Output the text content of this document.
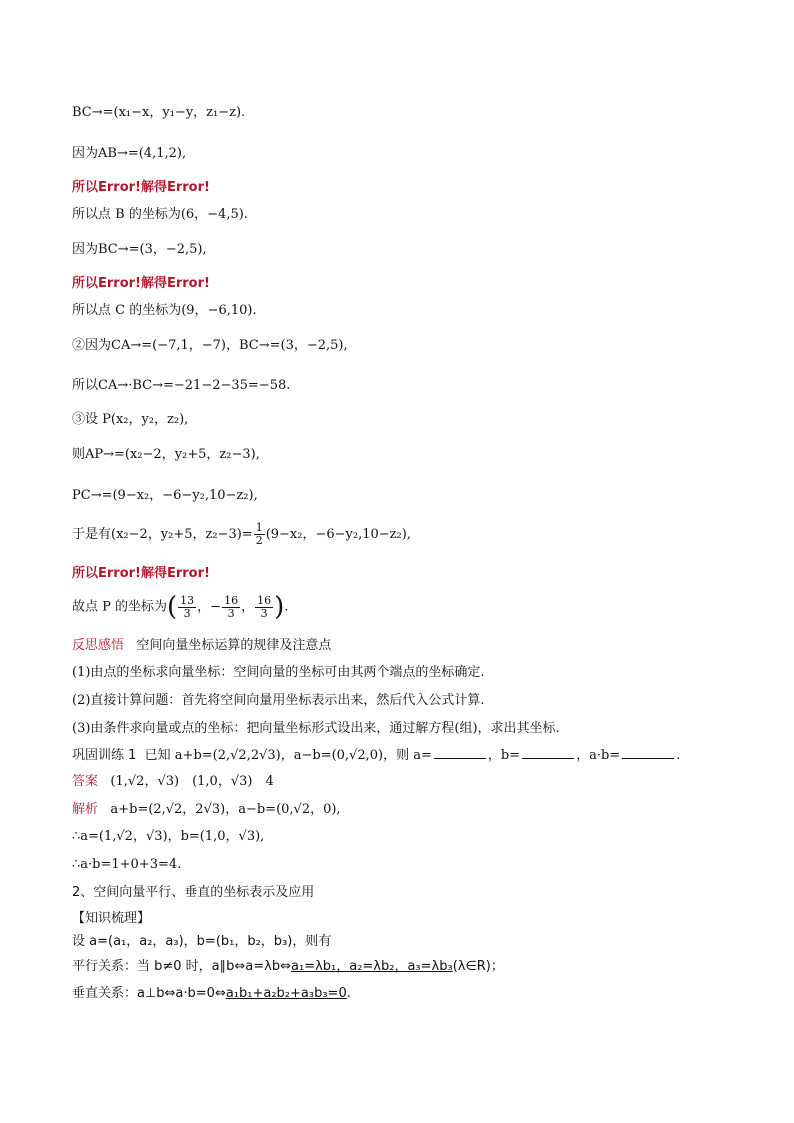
BC→=(x₁−x，y₁−y，z₁−z).
因为AB→=(4,1,2),
所以Error!解得Error!
所以点 B 的坐标为(6，−4,5).
因为BC→=(3，−2,5),
所以Error!解得Error!
所以点 C 的坐标为(9，−6,10).
②因为CA→=(−7,1，−7)，BC→=(3，−2,5),
所以CA→·BC→=−21−2−35=−58.
③设 P(x₂，y₂，z₂),
则AP→=(x₂−2，y₂+5，z₂−3),
PC→=(9−x₂，−6−y₂,10−z₂),
于是有(x₂−2，y₂+5，$z_2-3)= \frac{1}{2} (9-x_2$，−6−y₂,10−z₂),
所以Error!解得Error!
故点 P 的坐标为( $\frac{13}{3}$ ，− $\frac{16}{3}$ ， $\frac{16}{3}$ ).
反思感悟 空间向量坐标运算的规律及注意点
(1)由点的坐标求向量坐标：空间向量的坐标可由其两个端点的坐标确定.
(2)直接计算问题：首先将空间向量用坐标表示出来，然后代入公式计算.
(3)由条件求向量或点的坐标：把向量坐标形式设出来，通过解方程(组)，求出其坐标.
巩固训练 1 已知 a+b=(2,√2,2√3)，a−b=(0,√2,0)，则 a=	，b=	，a·b=	.
答案 (1,√2，√3)　(1,0，√3)　4
解析 a+b=(2,√2，2√3)，a−b=(0,√2，0),
∴a=(1,√2，√3)，b=(1,0，√3),
∴a·b=1+0+3=4.
2、空间向量平行、垂直的坐标表示及应用
【知识梳理】
设 a=(a₁，a₂，a₃)，b=(b₁，b₂，b₃)，则有
平行关系：当 b≠0 时，a∥b⇔a=λb⇔a₁=λb₁，a₂=λb₂，a₃=λb₃(λ∈R)；
垂直关系：a⊥b⇔a·b=0⇔a₁b₁+a₂b₂+a₃b₃=0.
